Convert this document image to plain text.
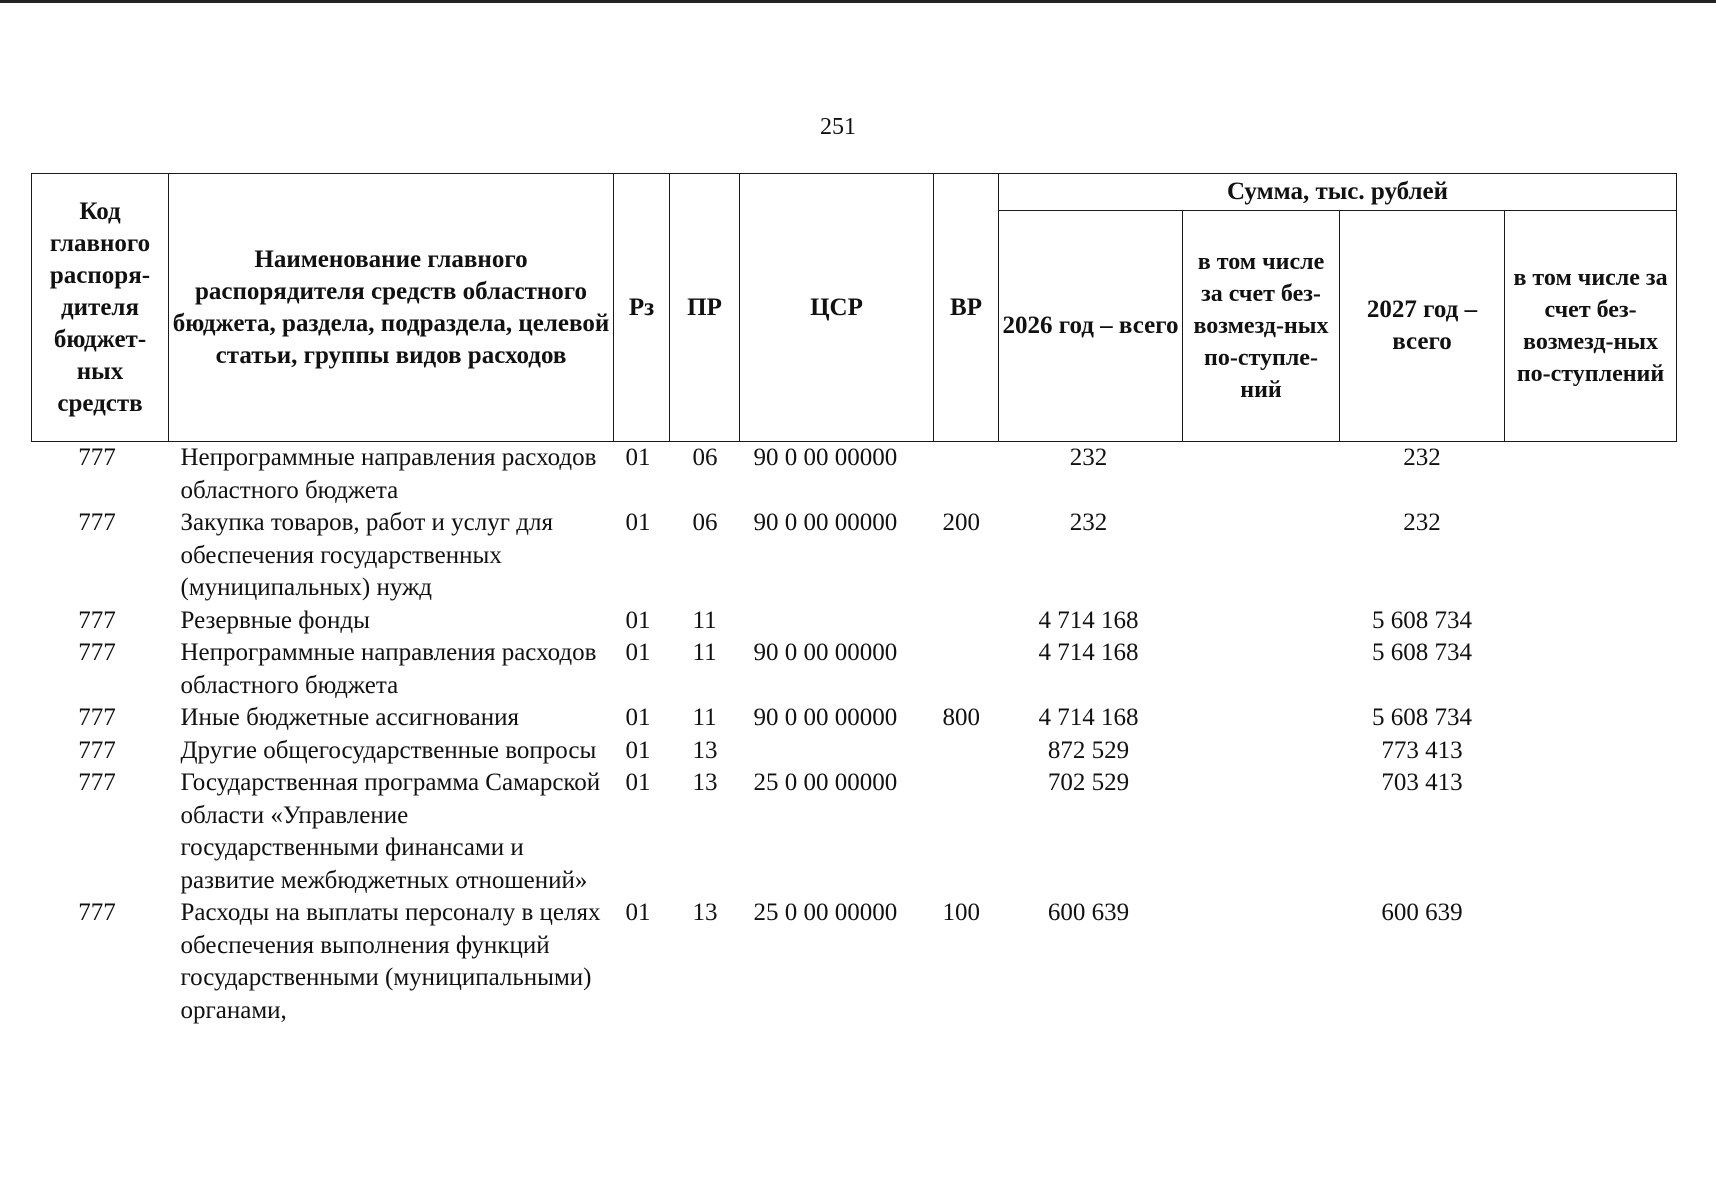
251
Код главного распоря-дителя бюджет-ных средств	Наименование главного распорядителя средств областного бюджета, раздела, подраздела, целевой статьи, группы видов расходов	Рз	ПР	ЦСР	ВР	Сумма, тыс. рублей			
						2026 год – всего	в том числе за счет без-возмезд-ных по-ступле-ний	2027 год – всего	в том числе за счет без-возмезд-ных по-ступлений
777	Непрограммные направления расходов областного бюджета	01	06	90 0 00 00000		232		232	
777	Закупка товаров, работ и услуг для обеспечения государственных (муниципальных) нужд	01	06	90 0 00 00000	200	232		232	
777	Резервные фонды	01	11			4 714 168		5 608 734	
777	Непрограммные направления расходов областного бюджета	01	11	90 0 00 00000		4 714 168		5 608 734	
777	Иные бюджетные ассигнования	01	11	90 0 00 00000	800	4 714 168		5 608 734	
777	Другие общегосударственные вопросы	01	13			872 529		773 413	
777	Государственная программа Самарской области «Управление государственными финансами и развитие межбюджетных отношений»	01	13	25 0 00 00000		702 529		703 413	
777	Расходы на выплаты персоналу в целях обеспечения выполнения функций государственными (муниципальными) органами,	01	13	25 0 00 00000	100	600 639		600 639	
